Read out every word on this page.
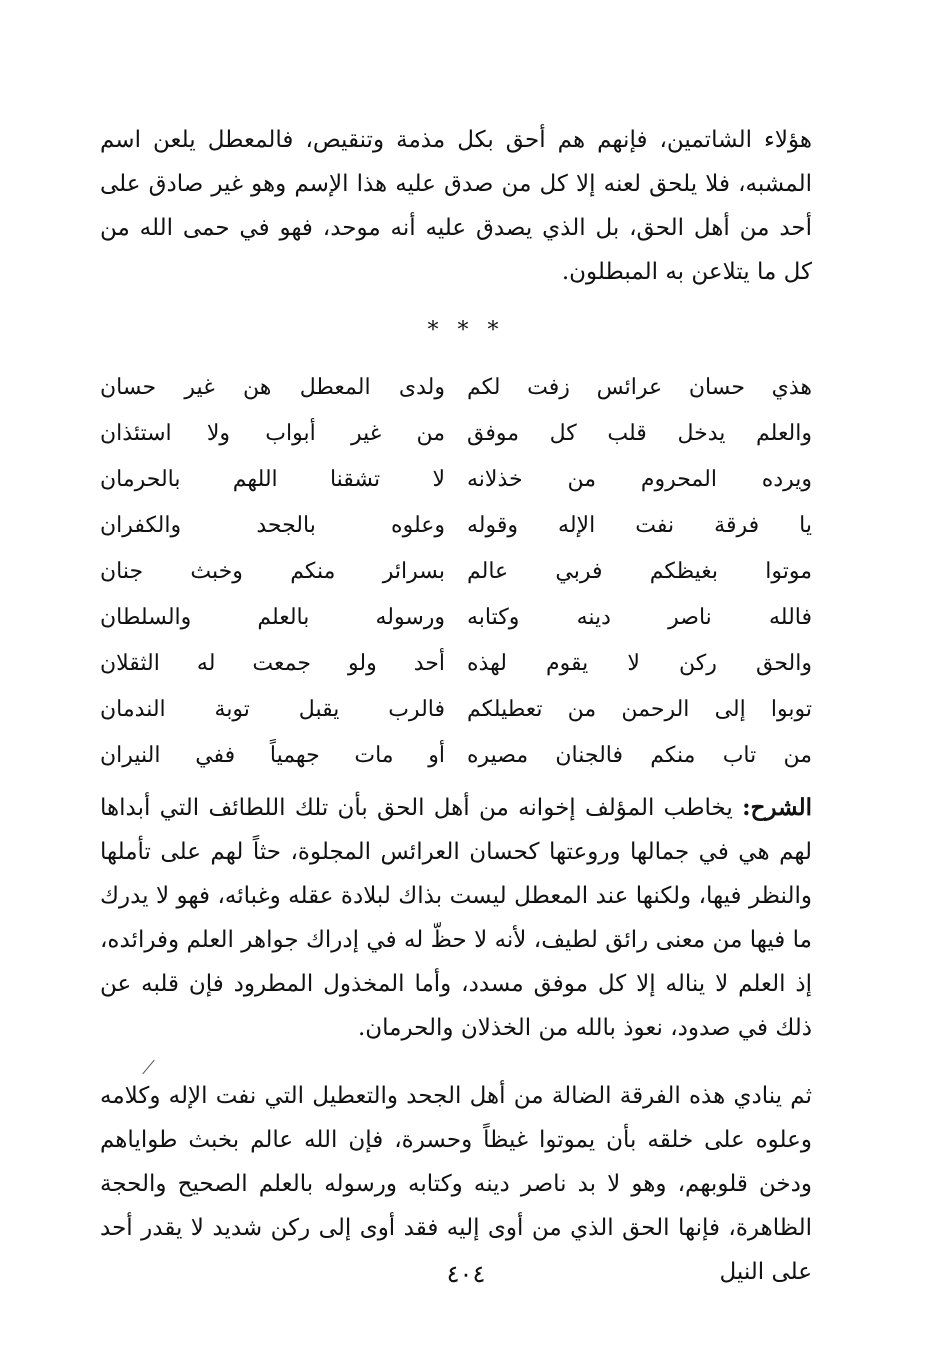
هؤلاء الشاتمين، فإنهم هم أحق بكل مذمة وتنقيص، فالمعطل يلعن اسم المشبه، فلا يلحق لعنه إلا كل من صدق عليه هذا الإسم وهو غير صادق على أحد من أهل الحق، بل الذي يصدق عليه أنه موحد، فهو في حمى الله من كل ما يتلاعن به المبطلون.

* * *
هذي حسان عرائس زفت لكم
ولدى المعطل هن غير حسان
والعلم يدخل قلب كل موفق
من غير أبواب ولا استئذان
ويرده المحروم من خذلانه
لا تشقنا اللهم بالحرمان
يا فرقة نفت الإله وقوله
وعلوه بالجحد والكفران
موتوا بغيظكم فربي عالم
بسرائر منكم وخبث جنان
فالله ناصر دينه وكتابه
ورسوله بالعلم والسلطان
والحق ركن لا يقوم لهذه
أحد ولو جمعت له الثقلان
توبوا إلى الرحمن من تعطيلكم
فالرب يقبل توبة الندمان
من تاب منكم فالجنان مصيره
أو مات جهمياً ففي النيران

الشرح: يخاطب المؤلف إخوانه من أهل الحق بأن تلك اللطائف التي أبداها لهم هي في جمالها وروعتها كحسان العرائس المجلوة، حثاً لهم على تأملها والنظر فيها، ولكنها عند المعطل ليست بذاك لبلادة عقله وغبائه، فهو لا يدرك ما فيها من معنى رائق لطيف، لأنه لا حظّ له في إدراك جواهر العلم وفرائده، إذ العلم لا يناله إلا كل موفق مسدد، وأما المخذول المطرود فإن قلبه عن ذلك في صدود، نعوذ بالله من الخذلان والحرمان.

ثم ينادي هذه الفرقة الضالة من أهل الجحد والتعطيل التي نفت الإله وكلامه وعلوه على خلقه بأن يموتوا غيظاً وحسرة، فإن الله عالم بخبث طواياهم ودخن قلوبهم، وهو لا بد ناصر دينه وكتابه ورسوله بالعلم الصحيح والحجة الظاهرة، فإنها الحق الذي من أوى إليه فقد أوى إلى ركن شديد لا يقدر أحد على النيل

٤٠٤
